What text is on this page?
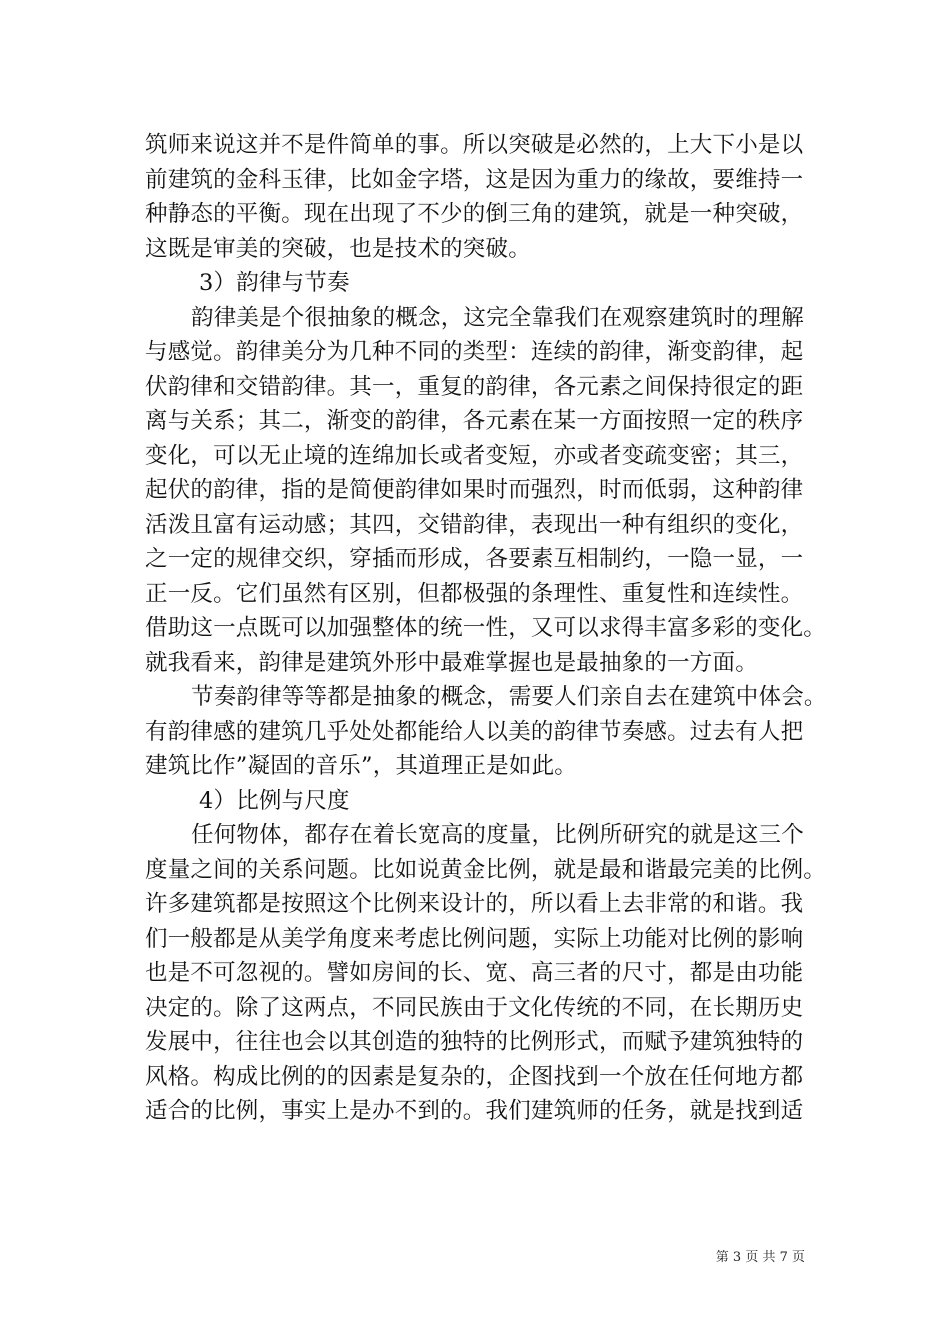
筑师来说这并不是件简单的事。所以突破是必然的，上大下小是以
前建筑的金科玉律，比如金字塔，这是因为重力的缘故，要维持一
种静态的平衡。现在出现了不少的倒三角的建筑，就是一种突破，
这既是审美的突破，也是技术的突破。
3）韵律与节奏
韵律美是个很抽象的概念，这完全靠我们在观察建筑时的理解
与感觉。韵律美分为几种不同的类型：连续的韵律，渐变韵律，起
伏韵律和交错韵律。其一，重复的韵律，各元素之间保持很定的距
离与关系；其二，渐变的韵律，各元素在某一方面按照一定的秩序
变化，可以无止境的连绵加长或者变短，亦或者变疏变密；其三，
起伏的韵律，指的是简便韵律如果时而强烈，时而低弱，这种韵律
活泼且富有运动感；其四，交错韵律，表现出一种有组织的变化，
之一定的规律交织，穿插而形成，各要素互相制约，一隐一显，一
正一反。它们虽然有区别，但都极强的条理性、重复性和连续性。
借助这一点既可以加强整体的统一性，又可以求得丰富多彩的变化。
就我看来，韵律是建筑外形中最难掌握也是最抽象的一方面。
节奏韵律等等都是抽象的概念，需要人们亲自去在建筑中体会。
有韵律感的建筑几乎处处都能给人以美的韵律节奏感。过去有人把
建筑比作”凝固的音乐”，其道理正是如此。
4）比例与尺度
任何物体，都存在着长宽高的度量，比例所研究的就是这三个
度量之间的关系问题。比如说黄金比例，就是最和谐最完美的比例。
许多建筑都是按照这个比例来设计的，所以看上去非常的和谐。我
们一般都是从美学角度来考虑比例问题，实际上功能对比例的影响
也是不可忽视的。譬如房间的长、宽、高三者的尺寸，都是由功能
决定的。除了这两点，不同民族由于文化传统的不同，在长期历史
发展中，往往也会以其创造的独特的比例形式，而赋予建筑独特的
风格。构成比例的的因素是复杂的，企图找到一个放在任何地方都
适合的比例，事实上是办不到的。我们建筑师的任务，就是找到适
第 3 页 共 7 页
